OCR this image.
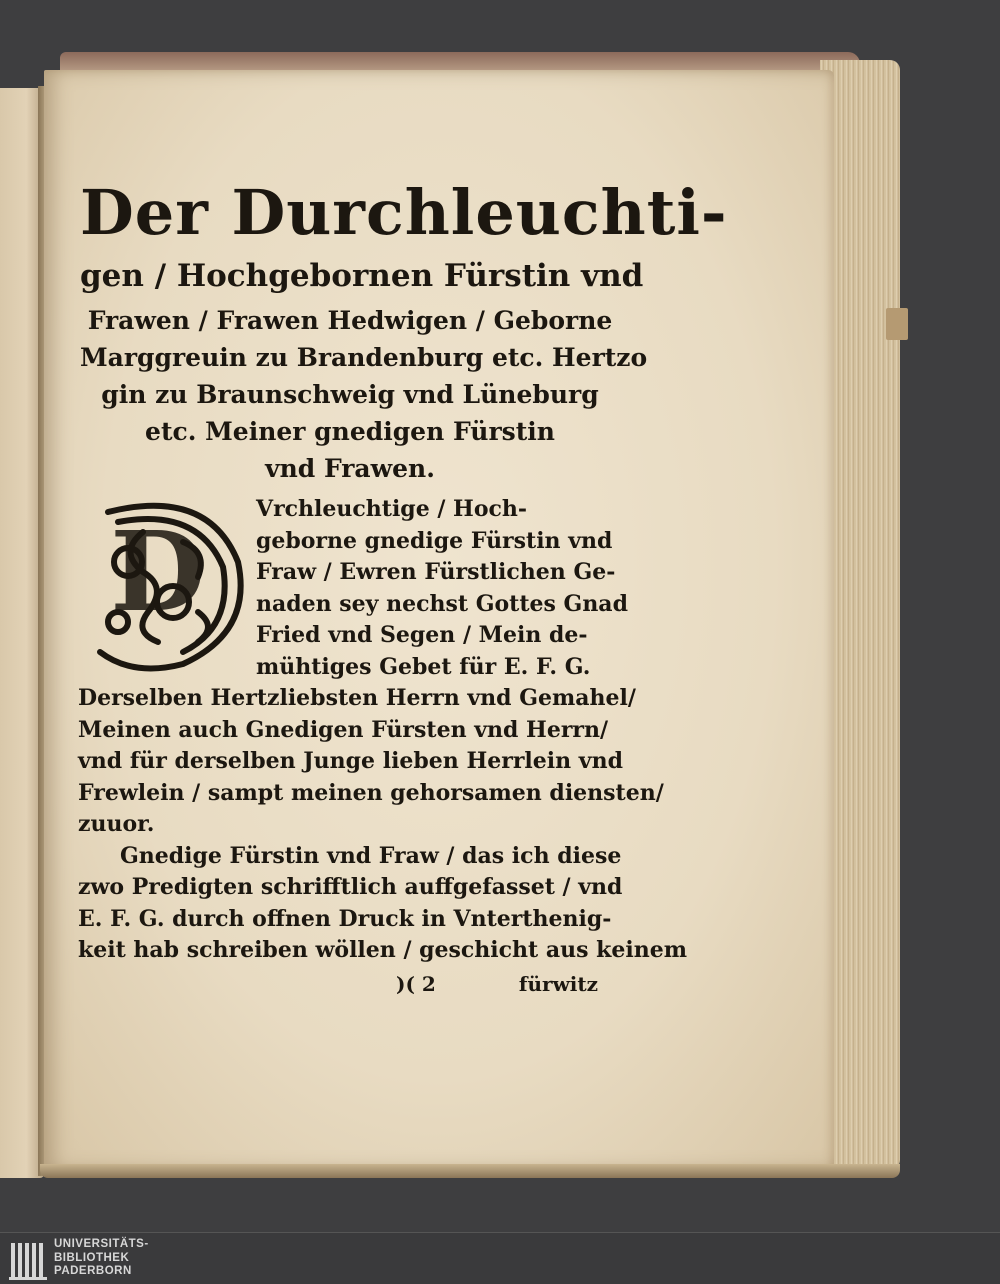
Der Durchleuchti-
gen / Hochgebornen Fürstin vnd
Frawen / Frawen Hedwigen / Geborne
Marggreuin zu Brandenburg etc. Hertzo
gin zu Braunschweig vnd Lüneburg
etc. Meiner gnedigen Fürstin
vnd Frawen.
D	Vrchleuchtige / Hoch-
geborne gnedige Fürstin vnd
Fraw / Ewren Fürstlichen Ge-
naden sey nechst Gottes Gnad
Fried vnd Segen / Mein de-
mühtiges Gebet für E. F. G.
Derselben Hertzliebsten Herrn vnd Gemahel/
Meinen auch Gnedigen Fürsten vnd Herrn/
vnd für derselben Junge lieben Herrlein vnd
Frewlein / sampt meinen gehorsamen diensten/
zuuor.
Gnedige Fürstin vnd Fraw / das ich diese
zwo Predigten schrifftlich auffgefasset / vnd
E. F. G. durch offnen Druck in Vnterthenig-
keit hab schreiben wöllen / geschicht aus keinem
)( 2	fürwitz
UNIVERSITÄTS-
BIBLIOTHEK
PADERBORN
